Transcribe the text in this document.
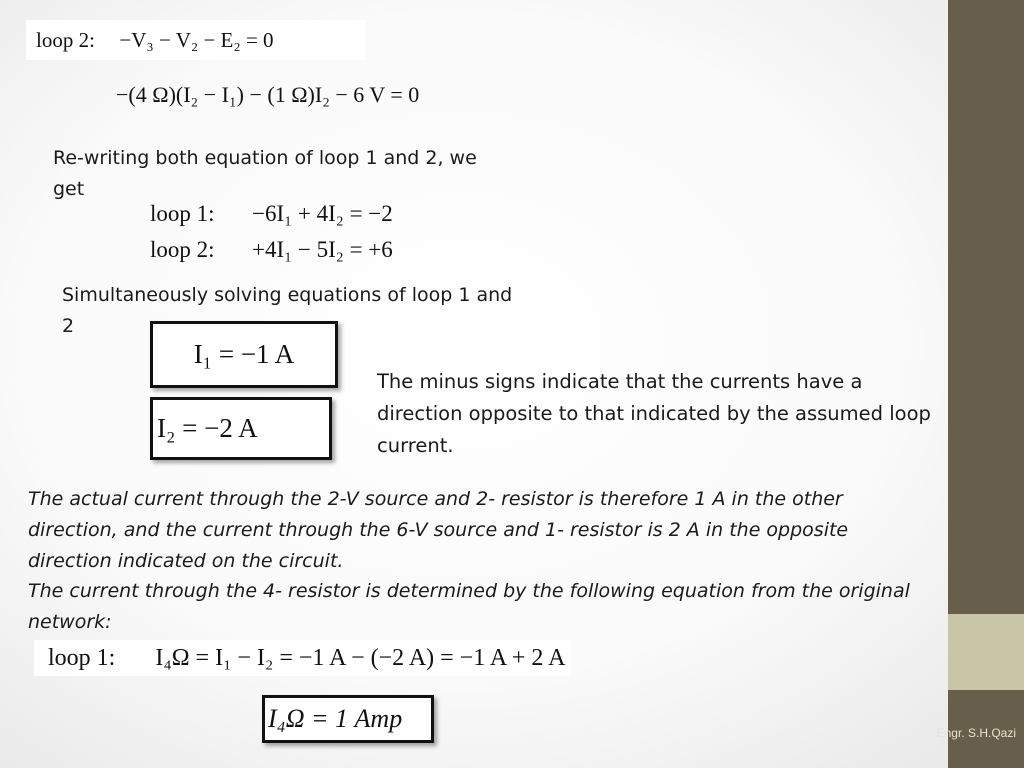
Engr. S.H.Qazi
loop 2: −V₃ − V₂ − E₂ = 0
−(4 Ω)(I₂ − I₁) − (1 Ω)I₂ − 6 V = 0
Re-writing both equation of loop 1 and 2, we get
loop 1: −6I₁ + 4I₂ = −2
loop 2: +4I₁ − 5I₂ = +6
Simultaneously solving equations of loop 1 and 2
I₁ = −1 A
I₂ = −2 A
The minus signs indicate that the currents have a direction opposite to that indicated by the assumed loop current.
The actual current through the 2-V source and 2- resistor is therefore 1 A in the other direction, and the current through the 6-V source and 1- resistor is 2 A in the opposite direction indicated on the circuit.
The current through the 4- resistor is determined by the following equation from the original network:
loop 1: I₄Ω = I₁ − I₂ = −1 A − (−2 A) = −1 A + 2 A
I₄Ω = 1 Amp
